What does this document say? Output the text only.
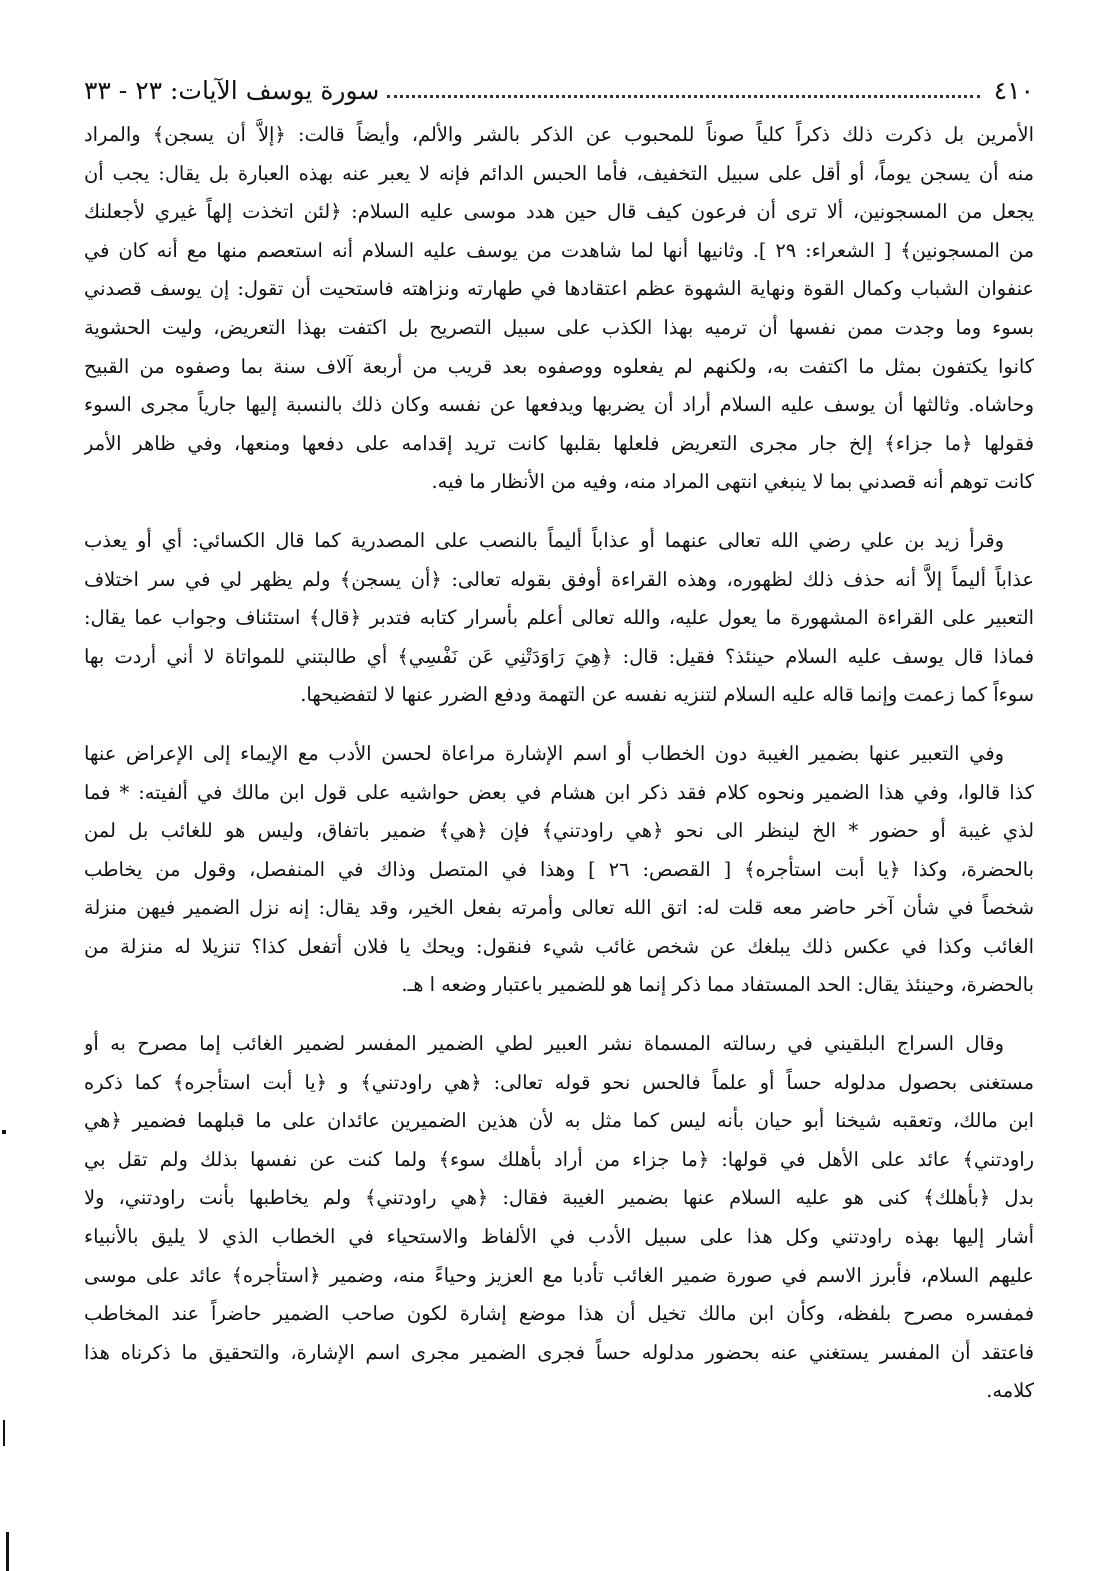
٤١٠
سورة يوسف الآيات: ٢٣ - ٣٣
الأمرين بل ذكرت ذلك ذكراً كلياً صوناً للمحبوب عن الذكر بالشر والألم، وأيضاً قالت: ﴿إلاَّ أن يسجن﴾ والمراد
منه أن يسجن يوماً، أو أقل على سبيل التخفيف، فأما الحبس الدائم فإنه لا يعبر عنه بهذه العبارة بل يقال: يجب أن
يجعل من المسجونين، ألا ترى أن فرعون كيف قال حين هدد موسى عليه السلام: ﴿لئن اتخذت إلهاً غيري لأجعلنك
من المسجونين﴾ [ الشعراء: ٢٩ ]. وثانيها أنها لما شاهدت من يوسف عليه السلام أنه استعصم منها مع أنه كان في
عنفوان الشباب وكمال القوة ونهاية الشهوة عظم اعتقادها في طهارته ونزاهته فاستحيت أن تقول: إن يوسف قصدني
بسوء وما وجدت ممن نفسها أن ترميه بهذا الكذب على سبيل التصريح بل اكتفت بهذا التعريض، وليت الحشوية
كانوا يكتفون بمثل ما اكتفت به، ولكنهم لم يفعلوه ووصفوه بعد قريب من أربعة آلاف سنة بما وصفوه من القبيح
وحاشاه. وثالثها أن يوسف عليه السلام أراد أن يضربها ويدفعها عن نفسه وكان ذلك بالنسبة إليها جارياً مجرى السوء
فقولها ﴿ما جزاء﴾ إلخ جار مجرى التعريض فلعلها بقلبها كانت تريد إقدامه على دفعها ومنعها، وفي ظاهر الأمر
كانت توهم أنه قصدني بما لا ينبغي انتهى المراد منه، وفيه من الأنظار ما فيه.
وقرأ زيد بن علي رضي الله تعالى عنهما أو عذاباً أليماً بالنصب على المصدرية كما قال الكسائي: أي أو يعذب
عذاباً أليماً إلاَّ أنه حذف ذلك لظهوره، وهذه القراءة أوفق بقوله تعالى: ﴿أن يسجن﴾ ولم يظهر لي في سر اختلاف
التعبير على القراءة المشهورة ما يعول عليه، والله تعالى أعلم بأسرار كتابه فتدبر ﴿قال﴾ استئناف وجواب عما يقال:
فماذا قال يوسف عليه السلام حينئذ؟ فقيل: قال: ﴿هِيَ رَاوَدَتْنِي عَن نَفْسِي﴾ أي طالبتني للمواتاة لا أني أردت بها
سوءاً كما زعمت وإنما قاله عليه السلام لتنزيه نفسه عن التهمة ودفع الضرر عنها لا لتفضيحها.
وفي التعبير عنها بضمير الغيبة دون الخطاب أو اسم الإشارة مراعاة لحسن الأدب مع الإيماء إلى الإعراض عنها
كذا قالوا، وفي هذا الضمير ونحوه كلام فقد ذكر ابن هشام في بعض حواشيه على قول ابن مالك في ألفيته: * فما
لذي غيبة أو حضور * الخ لينظر الى نحو ﴿هي راودتني﴾ فإن ﴿هي﴾ ضمير باتفاق، وليس هو للغائب بل لمن
بالحضرة، وكذا ﴿يا أبت استأجره﴾ [ القصص: ٢٦ ] وهذا في المتصل وذاك في المنفصل، وقول من يخاطب
شخصاً في شأن آخر حاضر معه قلت له: اتق الله تعالى وأمرته بفعل الخير، وقد يقال: إنه نزل الضمير فيهن منزلة
الغائب وكذا في عكس ذلك يبلغك عن شخص غائب شيء فنقول: ويحك يا فلان أتفعل كذا؟ تنزيلا له منزلة من
بالحضرة، وحينئذ يقال: الحد المستفاد مما ذكر إنما هو للضمير باعتبار وضعه ا هـ.
وقال السراج البلقيني في رسالته المسماة نشر العبير لطي الضمير المفسر لضمير الغائب إما مصرح به أو
مستغنى بحصول مدلوله حساً أو علماً فالحس نحو قوله تعالى: ﴿هي راودتني﴾ و ﴿يا أبت استأجره﴾ كما ذكره
ابن مالك، وتعقبه شيخنا أبو حيان بأنه ليس كما مثل به لأن هذين الضميرين عائدان على ما قبلهما فضمير ﴿هي
راودتني﴾ عائد على الأهل في قولها: ﴿ما جزاء من أراد بأهلك سوء﴾ ولما كنت عن نفسها بذلك ولم تقل بي
بدل ﴿بأهلك﴾ كنى هو عليه السلام عنها بضمير الغيبة فقال: ﴿هي راودتني﴾ ولم يخاطبها بأنت راودتني، ولا
أشار إليها بهذه راودتني وكل هذا على سبيل الأدب في الألفاظ والاستحياء في الخطاب الذي لا يليق بالأنبياء
عليهم السلام، فأبرز الاسم في صورة ضمير الغائب تأدبا مع العزيز وحياءً منه، وضمير ﴿استأجره﴾ عائد على موسى
فمفسره مصرح بلفظه، وكأن ابن مالك تخيل أن هذا موضع إشارة لكون صاحب الضمير حاضراً عند المخاطب
فاعتقد أن المفسر يستغني عنه بحضور مدلوله حساً فجرى الضمير مجرى اسم الإشارة، والتحقيق ما ذكرناه هذا
كلامه.
